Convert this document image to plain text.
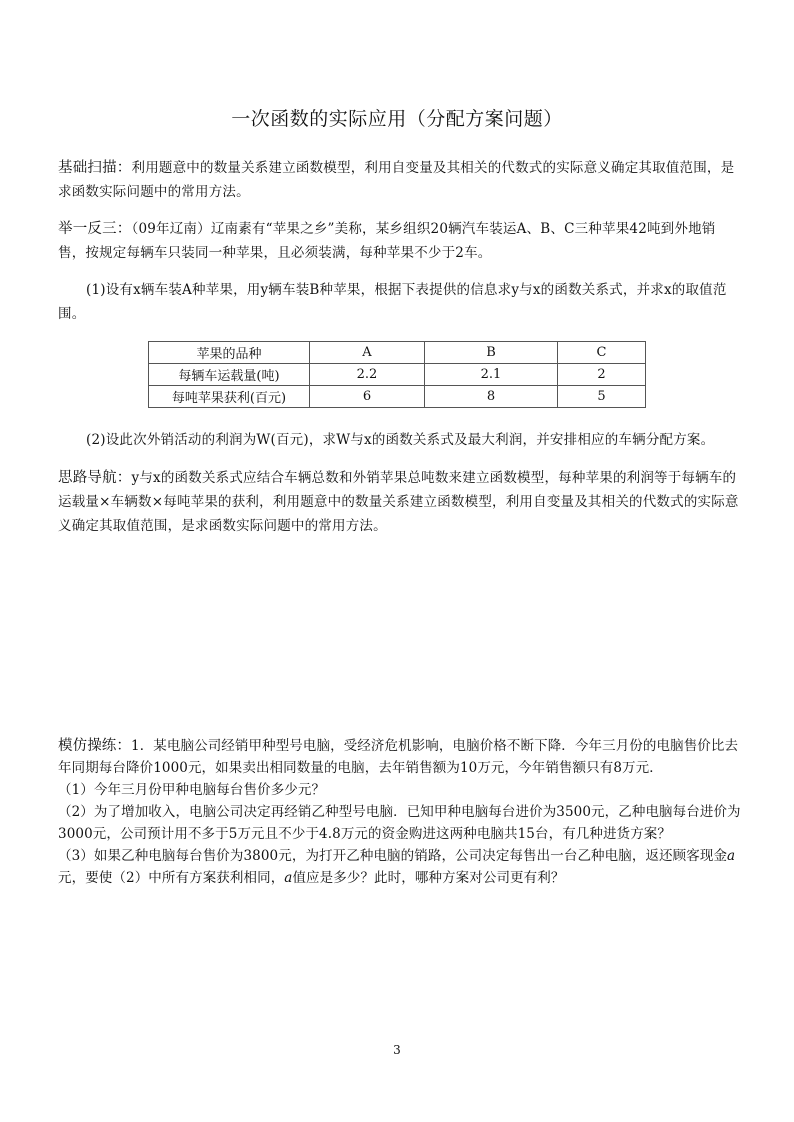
一次函数的实际应用（分配方案问题）

基础扫描：利用题意中的数量关系建立函数模型，利用自变量及其相关的代数式的实际意义确定其取值范围，是求函数实际问题中的常用方法。

举一反三：（09年辽南）辽南素有“苹果之乡”美称，某乡组织20辆汽车装运A、B、C三种苹果42吨到外地销售，按规定每辆车只装同一种苹果，且必须装满，每种苹果不少于2车。

(1)设有x辆车装A种苹果，用y辆车装B种苹果，根据下表提供的信息求y与x的函数关系式，并求x的取值范围。

苹果的品种	A	B	C
每辆车运载量(吨)	2.2	2.1	2
每吨苹果获利(百元)	6	8	5

(2)设此次外销活动的利润为W(百元)，求W与x的函数关系式及最大利润，并安排相应的车辆分配方案。

思路导航：y与x的函数关系式应结合车辆总数和外销苹果总吨数来建立函数模型，每种苹果的利润等于每辆车的运载量×车辆数×每吨苹果的获利，利用题意中的数量关系建立函数模型，利用自变量及其相关的代数式的实际意义确定其取值范围，是求函数实际问题中的常用方法。

模仿操练：1．某电脑公司经销甲种型号电脑，受经济危机影响，电脑价格不断下降．今年三月份的电脑售价比去年同期每台降价1000元，如果卖出相同数量的电脑，去年销售额为10万元，今年销售额只有8万元．
（1）今年三月份甲种电脑每台售价多少元？
（2）为了增加收入，电脑公司决定再经销乙种型号电脑．已知甲种电脑每台进价为3500元，乙种电脑每台进价为3000元，公司预计用不多于5万元且不少于4.8万元的资金购进这两种电脑共15台，有几种进货方案？
（3）如果乙种电脑每台售价为3800元，为打开乙种电脑的销路，公司决定每售出一台乙种电脑，返还顾客现金a元，要使（2）中所有方案获利相同，a值应是多少？此时，哪种方案对公司更有利？
3
